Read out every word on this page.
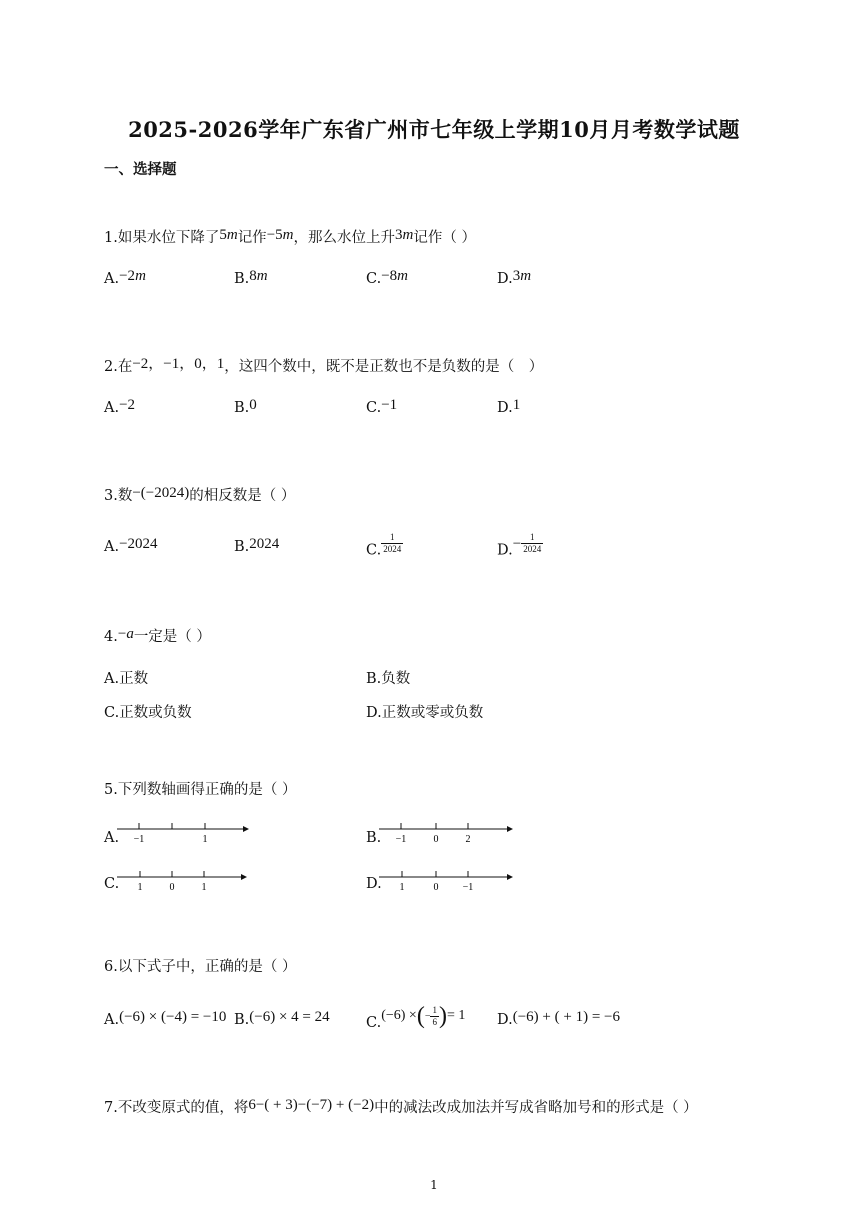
2025-2026学年广东省广州市七年级上学期10月月考数学试题
一、选择题
1.如果水位下降了5m记作−5m，那么水位上升3m记作（ ）
A.−2m	B.8m	C.−8m	D.3m
2.在−2，−1，0，1，这四个数中，既不是正数也不是负数的是（　）
A.−2	B.0	C.−1	D.1
3.数−(−2024)的相反数是（ ）
A.−2024	B.2024	C. $\frac{1}{2024}$	$D.- \frac{1}{2024}$
4.−a一定是（ ）
A.正数	B.负数
C.正数或负数	D.正数或零或负数
5.下列数轴画得正确的是（ ）
A. −1	1	B. −1	0	2
C. 1	0	1	D. 1	0 −1
6.以下式子中，正确的是（ ）
A.(−6) × (−4) = −10 B.(−6) × 4 = 24	C. (−6) × ( − $\frac{1}{6}$ ) = 1 D.(−6) + ( + 1) = −6
7.不改变原式的值，将6−( + 3)−(−7) + (−2)中的减法改成加法并写成省略加号和的形式是（ ）
1
